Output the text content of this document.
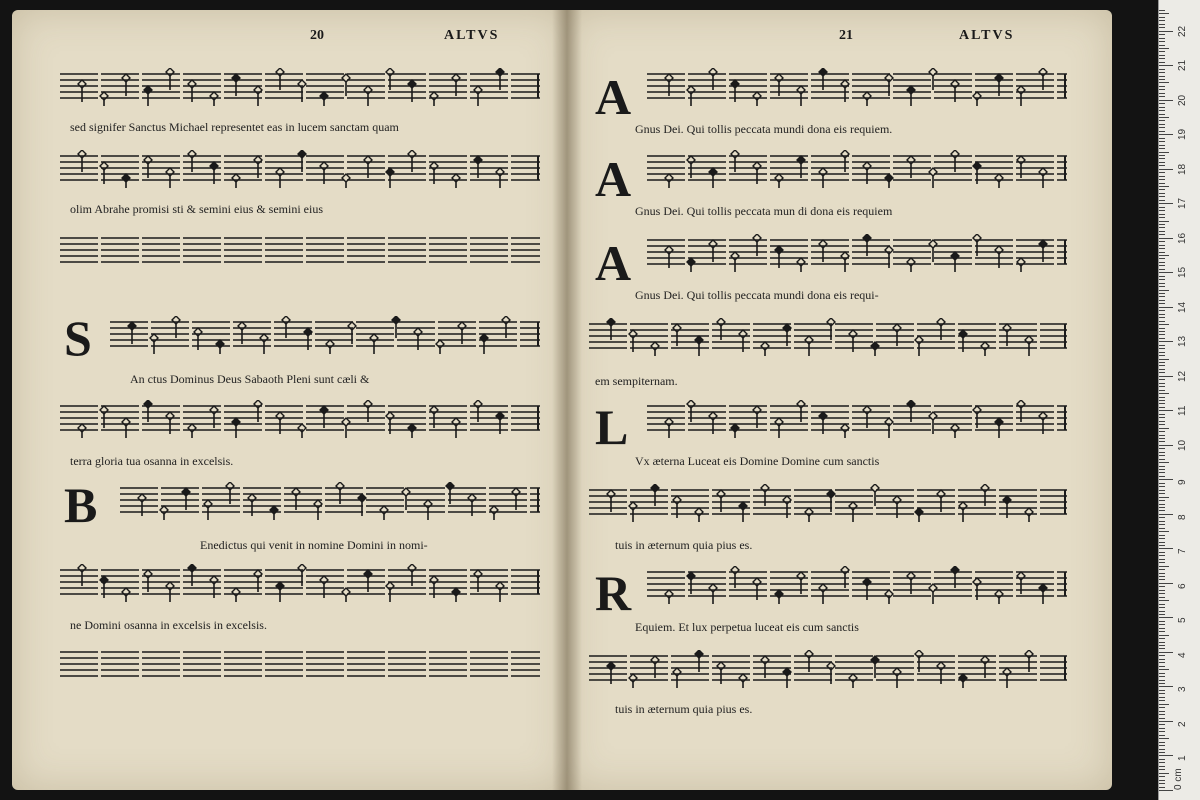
20	ALTVS
sed signifer Sanctus Michael representet eas in lucem sanctam quam
olim Abrahe promisi sti & semini eius & semini eius
S
An ctus Dominus Deus Sabaoth Pleni sunt cæli &
terra gloria tua osanna in excelsis.
B
Enedictus qui venit in nomine Domini in nomi-
ne Domini osanna in excelsis in excelsis.
21	ALTVS
A
Gnus Dei. Qui tollis peccata mundi dona eis requiem.
A
Gnus Dei. Qui tollis peccata mun di dona eis requiem
A
Gnus Dei. Qui tollis peccata mundi dona eis requi-
em sempiternam.
L
Vx æterna Luceat eis Domine Domine cum sanctis
tuis in æternum quia pius es.
R
Equiem. Et lux perpetua luceat eis cum sanctis
tuis in æternum quia pius es.
1
2
3
4
5
6
7
8
9
10
11
12
13
14
15
16
17
18
19
20
21
22
0 cm
